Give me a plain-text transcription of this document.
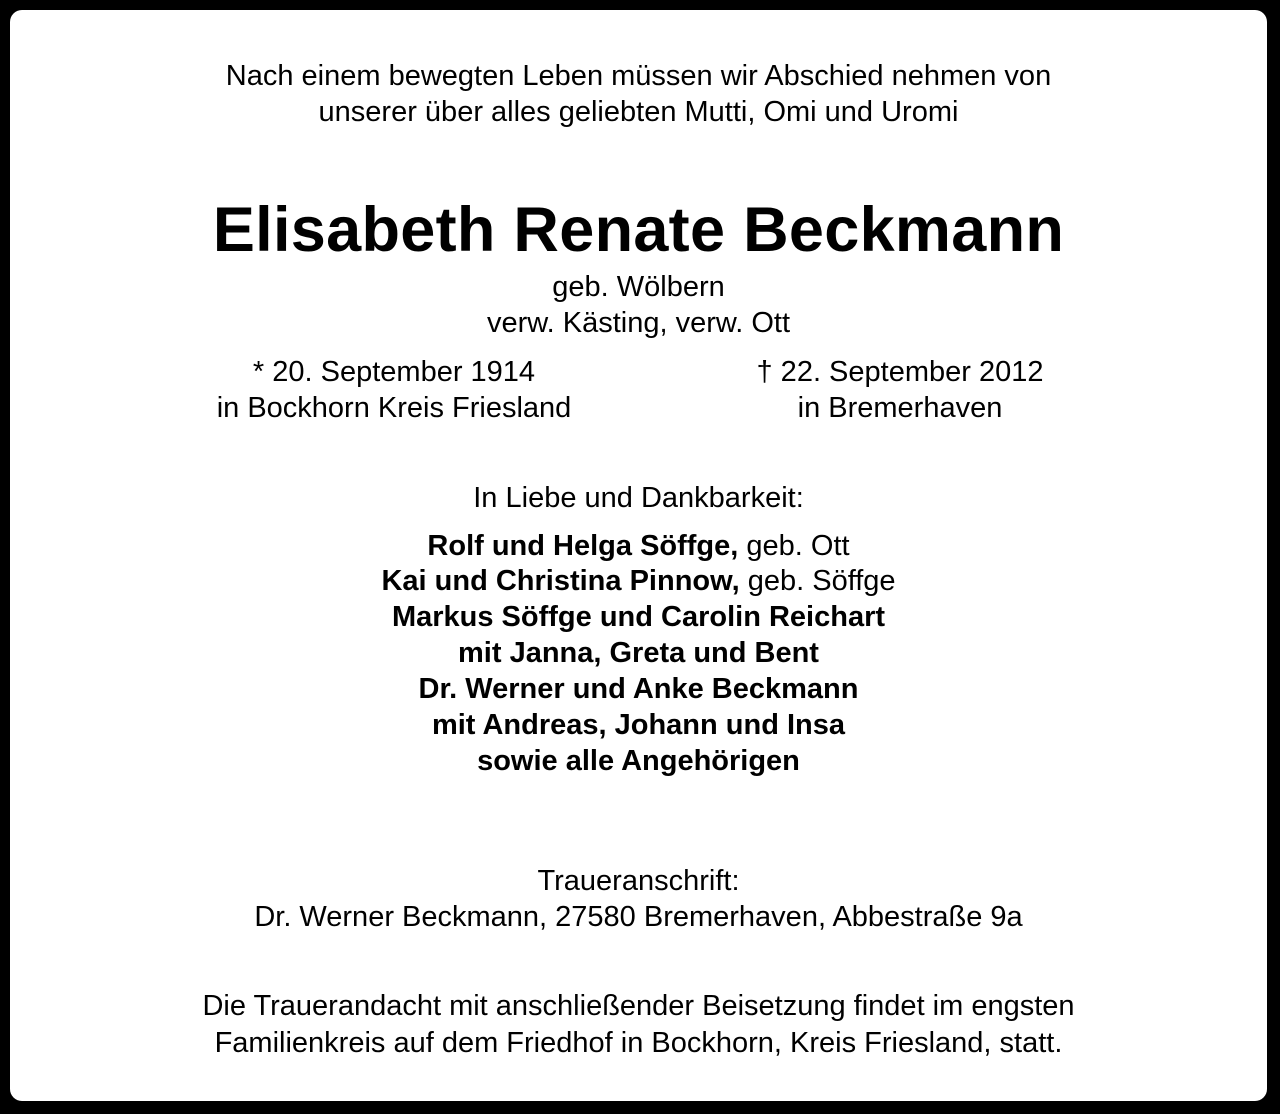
Nach einem bewegten Leben müssen wir Abschied nehmen von
unserer über alles geliebten Mutti, Omi und Uromi
Elisabeth Renate Beckmann
geb. Wölbern
verw. Kästing, verw. Ott
* 20. September 1914
in Bockhorn Kreis Friesland
† 22. September 2012
in Bremerhaven
In Liebe und Dankbarkeit:
Rolf und Helga Söffge, geb. Ott
Kai und Christina Pinnow, geb. Söffge
Markus Söffge und Carolin Reichart
mit Janna, Greta und Bent
Dr. Werner und Anke Beckmann
mit Andreas, Johann und Insa
sowie alle Angehörigen
Traueranschrift:
Dr. Werner Beckmann, 27580 Bremerhaven, Abbestraße 9a
Die Trauerandacht mit anschließender Beisetzung findet im engsten
Familienkreis auf dem Friedhof in Bockhorn, Kreis Friesland, statt.
